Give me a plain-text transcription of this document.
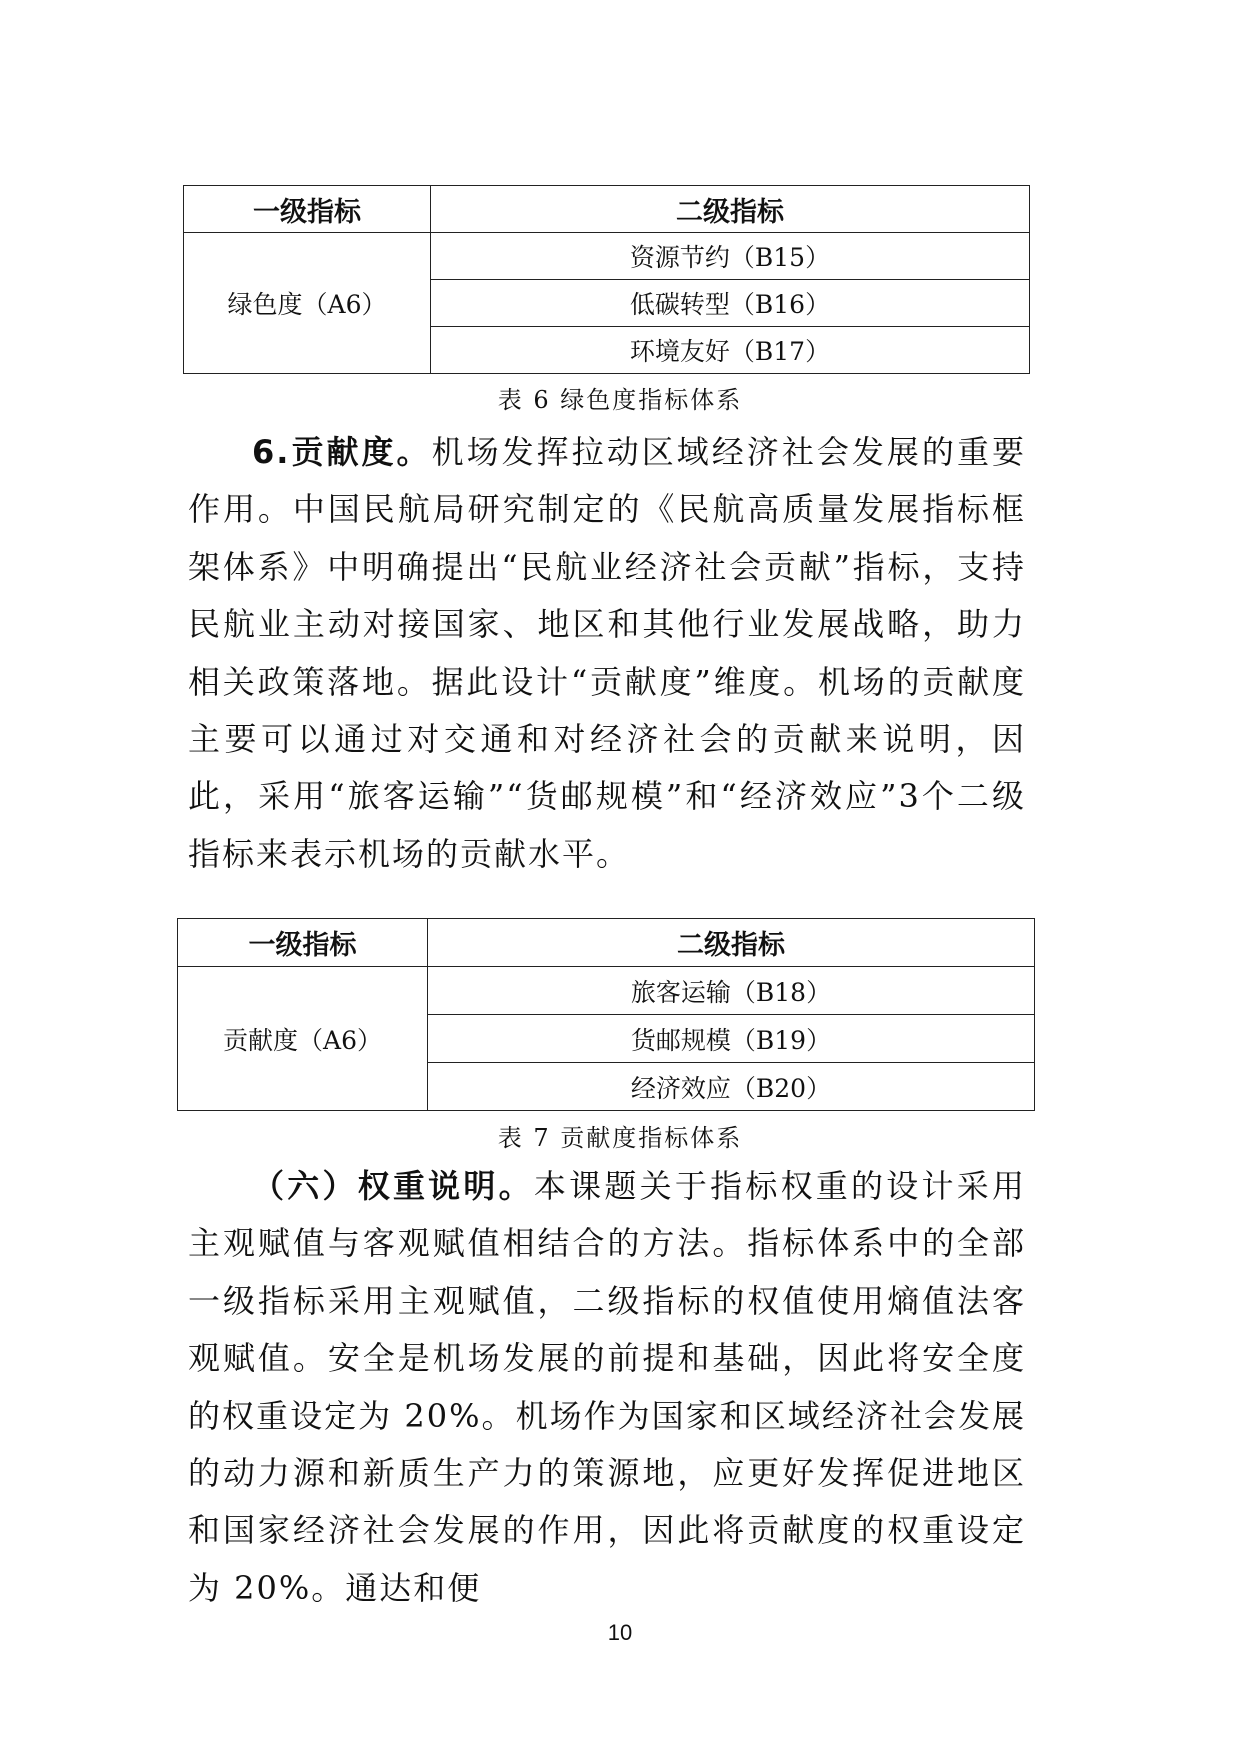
一级指标	二级指标
绿色度（A6）	资源节约（B15）
	低碳转型（B16）
	环境友好（B17）
表 6 绿色度指标体系

6.贡献度。机场发挥拉动区域经济社会发展的重要作用。中国民航局研究制定的《民航高质量发展指标框架体系》中明确提出“民航业经济社会贡献”指标，支持民航业主动对接国家、地区和其他行业发展战略，助力相关政策落地。据此设计“贡献度”维度。机场的贡献度主要可以通过对交通和对经济社会的贡献来说明，因此，采用“旅客运输”“货邮规模”和“经济效应”3个二级指标来表示机场的贡献水平。

一级指标	二级指标
贡献度（A6）	旅客运输（B18）
	货邮规模（B19）
	经济效应（B20）
表 7 贡献度指标体系

（六）权重说明。本课题关于指标权重的设计采用主观赋值与客观赋值相结合的方法。指标体系中的全部一级指标采用主观赋值，二级指标的权值使用熵值法客观赋值。安全是机场发展的前提和基础，因此将安全度的权重设定为 20%。机场作为国家和区域经济社会发展的动力源和新质生产力的策源地，应更好发挥促进地区和国家经济社会发展的作用，因此将贡献度的权重设定为 20%。通达和便

10
